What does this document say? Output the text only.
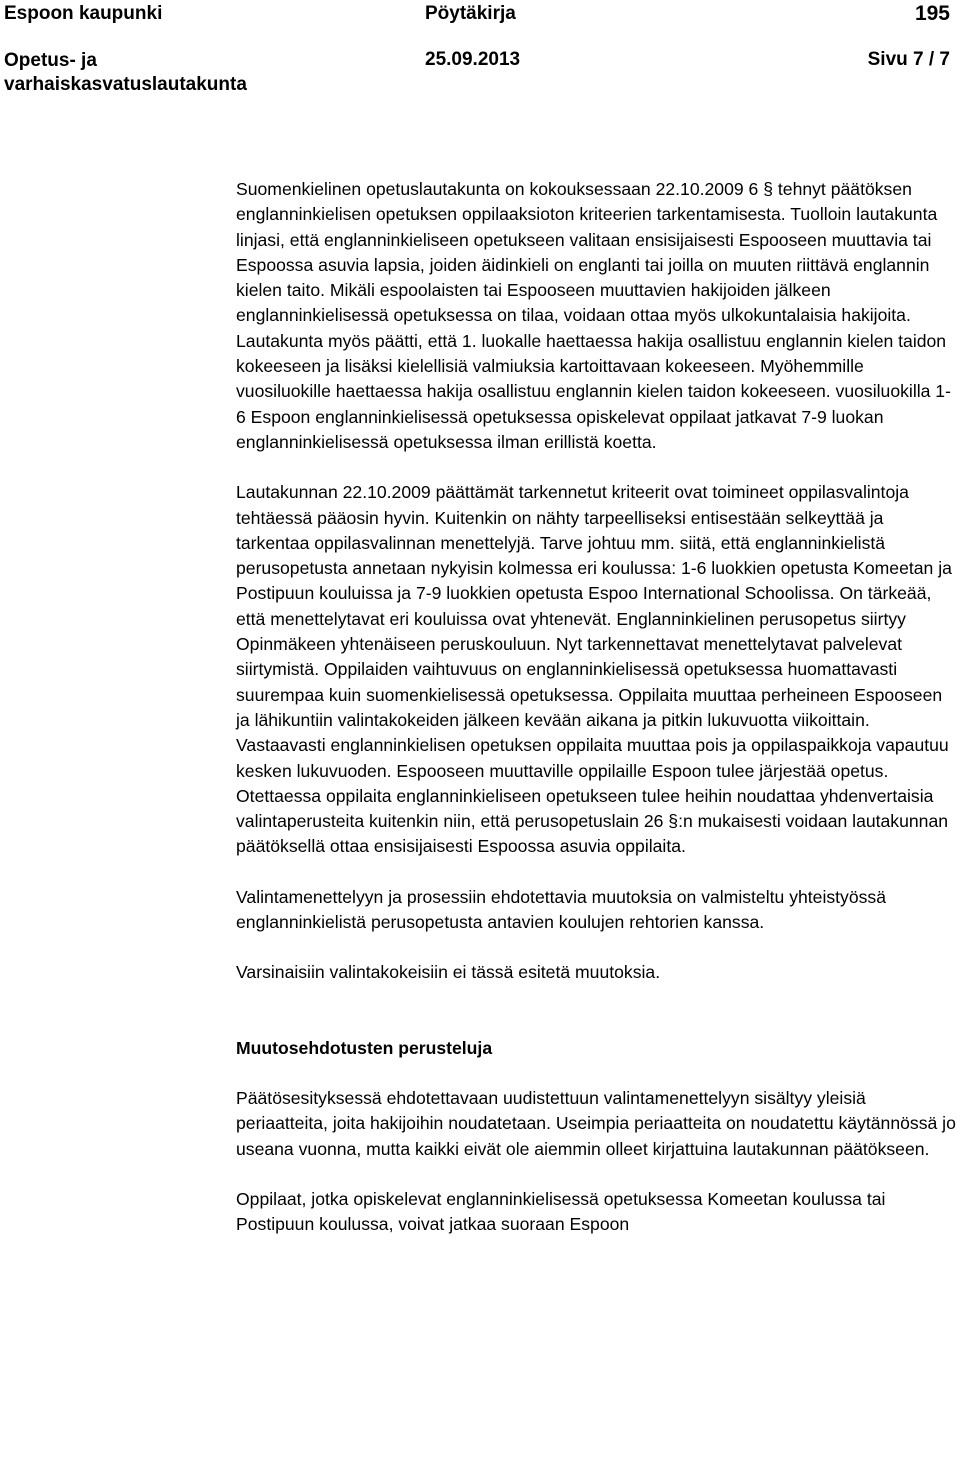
Espoon kaupunki	Pöytäkirja	195
Opetus- ja varhaiskasvatuslautakunta
25.09.2013	Sivu 7 / 7

Suomenkielinen opetuslautakunta on kokouksessaan 22.10.2009 6 § tehnyt päätöksen englanninkielisen opetuksen oppilaaksioton kriteerien tarkentamisesta. Tuolloin lautakunta linjasi, että englanninkieliseen opetukseen valitaan ensisijaisesti Espooseen muuttavia tai Espoossa asuvia lapsia, joiden äidinkieli on englanti tai joilla on muuten riittävä englannin kielen taito. Mikäli espoolaisten tai Espooseen muuttavien hakijoiden jälkeen englanninkielisessä opetuksessa on tilaa, voidaan ottaa myös ulkokuntalaisia hakijoita. Lautakunta myös päätti, että 1. luokalle haettaessa hakija osallistuu englannin kielen taidon kokeeseen ja lisäksi kielellisiä valmiuksia kartoittavaan kokeeseen. Myöhemmille vuosiluokille haettaessa hakija osallistuu englannin kielen taidon kokeeseen. vuosiluokilla 1-6 Espoon englanninkielisessä opetuksessa opiskelevat oppilaat jatkavat 7-9 luokan englanninkielisessä opetuksessa ilman erillistä koetta.

Lautakunnan 22.10.2009 päättämät tarkennetut kriteerit ovat toimineet oppilasvalintoja tehtäessä pääosin hyvin. Kuitenkin on nähty tarpeelliseksi entisestään selkeyttää ja tarkentaa oppilasvalinnan menettelyjä. Tarve johtuu mm. siitä, että englanninkielistä perusopetusta annetaan nykyisin kolmessa eri koulussa: 1-6 luokkien opetusta Komeetan ja Postipuun kouluissa ja 7-9 luokkien opetusta Espoo International Schoolissa. On tärkeää, että menettelytavat eri kouluissa ovat yhtenevät. Englanninkielinen perusopetus siirtyy Opinmäkeen yhtenäiseen peruskouluun. Nyt tarkennettavat menettelytavat palvelevat siirtymistä. Oppilaiden vaihtuvuus on englanninkielisessä opetuksessa huomattavasti suurempaa kuin suomenkielisessä opetuksessa. Oppilaita muuttaa perheineen Espooseen ja lähikuntiin valintakokeiden jälkeen kevään aikana ja pitkin lukuvuotta viikoittain. Vastaavasti englanninkielisen opetuksen oppilaita muuttaa pois ja oppilaspaikkoja vapautuu kesken lukuvuoden. Espooseen muuttaville oppilaille Espoon tulee järjestää opetus. Otettaessa oppilaita englanninkieliseen opetukseen tulee heihin noudattaa yhdenvertaisia valintaperusteita kuitenkin niin, että perusopetuslain 26 §:n mukaisesti voidaan lautakunnan päätöksellä ottaa ensisijaisesti Espoossa asuvia oppilaita.

Valintamenettelyyn ja prosessiin ehdotettavia muutoksia on valmisteltu yhteistyössä englanninkielistä perusopetusta antavien koulujen rehtorien kanssa.

Varsinaisiin valintakokeisiin ei tässä esitetä muutoksia.

Muutosehdotusten perusteluja

Päätösesityksessä ehdotettavaan uudistettuun valintamenettelyyn sisältyy yleisiä periaatteita, joita hakijoihin noudatetaan. Useimpia periaatteita on noudatettu käytännössä jo useana vuonna, mutta kaikki eivät ole aiemmin olleet kirjattuina lautakunnan päätökseen.

Oppilaat, jotka opiskelevat englanninkielisessä opetuksessa Komeetan koulussa tai Postipuun koulussa, voivat jatkaa suoraan Espoon
